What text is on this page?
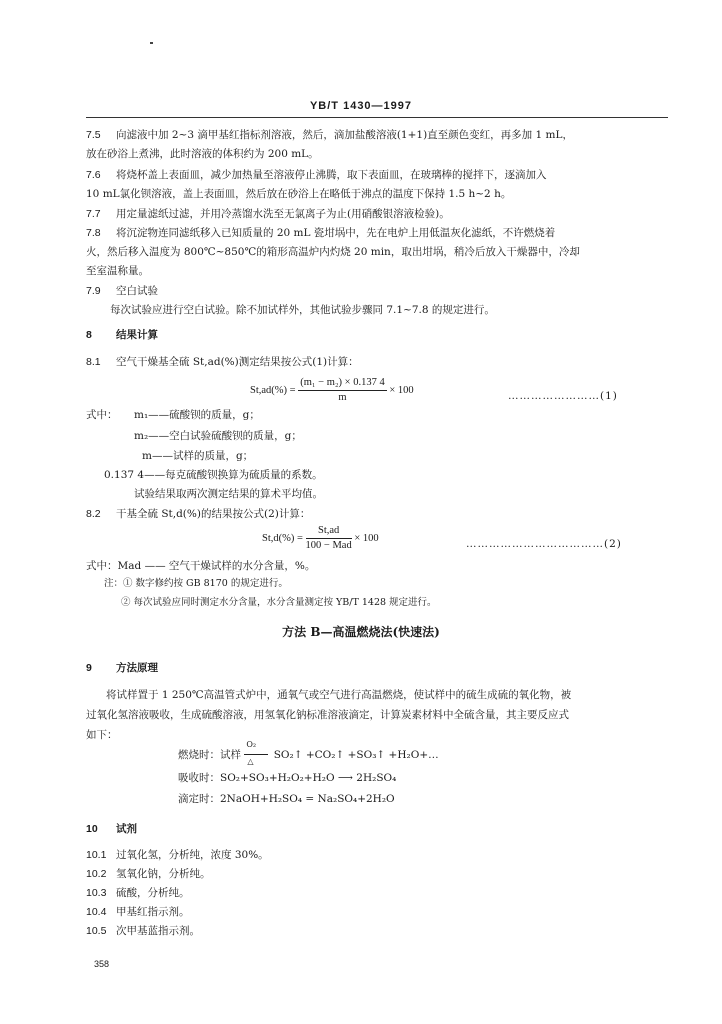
YB/T 1430—1997
7.5 向滤液中加 2~3 滴甲基红指标剂溶液，然后，滴加盐酸溶液(1+1)直至颜色变红，再多加 1 mL，
放在砂浴上煮沸，此时溶液的体积约为 200 mL。
7.6 将烧杯盖上表面皿，减少加热量至溶液停止沸腾，取下表面皿，在玻璃棒的搅拌下，逐滴加入
10 mL氯化钡溶液，盖上表面皿，然后放在砂浴上在略低于沸点的温度下保持 1.5 h~2 h。
7.7 用定量滤纸过滤，并用冷蒸馏水洗至无氯离子为止(用硝酸银溶液检验)。
7.8 将沉淀物连同滤纸移入已知质量的 20 mL 瓷坩埚中，先在电炉上用低温灰化滤纸，不许燃烧着
火，然后移入温度为 800℃~850℃的箱形高温炉内灼烧 20 min，取出坩埚，稍冷后放入干燥器中，冷却
至室温称量。
7.9 空白试验
每次试验应进行空白试验。除不加试样外，其他试验步骤同 7.1~7.8 的规定进行。
8 结果计算
8.1 空气干燥基全硫 St,ad(%)测定结果按公式(1)计算：
$St,ad(\%) = \frac{\text{(m₁ − m₂) × 0.137 4}}{m} \times 100$	……………………(1)
式中： m₁——硫酸钡的质量，g；
m₂——空白试验硫酸钡的质量，g；
m——试样的质量，g；
0.137 4——每克硫酸钡换算为硫质量的系数。
试验结果取两次测定结果的算术平均值。
8.2 干基全硫 St,d(%)的结果按公式(2)计算：
$St,d(\%) = \frac{St,ad}{\text{100 − Mad}} \times 100$	………………………………(2)
式中：Mad —— 空气干燥试样的水分含量，%。
注：① 数字修约按 GB 8170 的规定进行。
② 每次试验应同时测定水分含量，水分含量测定按 YB/T 1428 规定进行。
方法 B—高温燃烧法(快速法)
9 方法原理
将试样置于 1 250℃高温管式炉中，通氧气或空气进行高温燃烧，使试样中的硫生成硫的氧化物，被
过氧化氢溶液吸收，生成硫酸溶液，用氢氧化钠标准溶液滴定，计算炭素材料中全硫含量，其主要反应式
如下：
燃烧时：试样
O₂
△
SO₂↑ +CO₂↑ +SO₃↑ +H₂O+…
吸收时：SO₂+SO₃+H₂O₂+H₂O ⟶ 2H₂SO₄
滴定时：2NaOH+H₂SO₄ = Na₂SO₄+2H₂O
10 试剂
10.1 过氧化氢，分析纯，浓度 30%。
10.2 氢氧化钠，分析纯。
10.3 硫酸，分析纯。
10.4 甲基红指示剂。
10.5 次甲基蓝指示剂。
358
